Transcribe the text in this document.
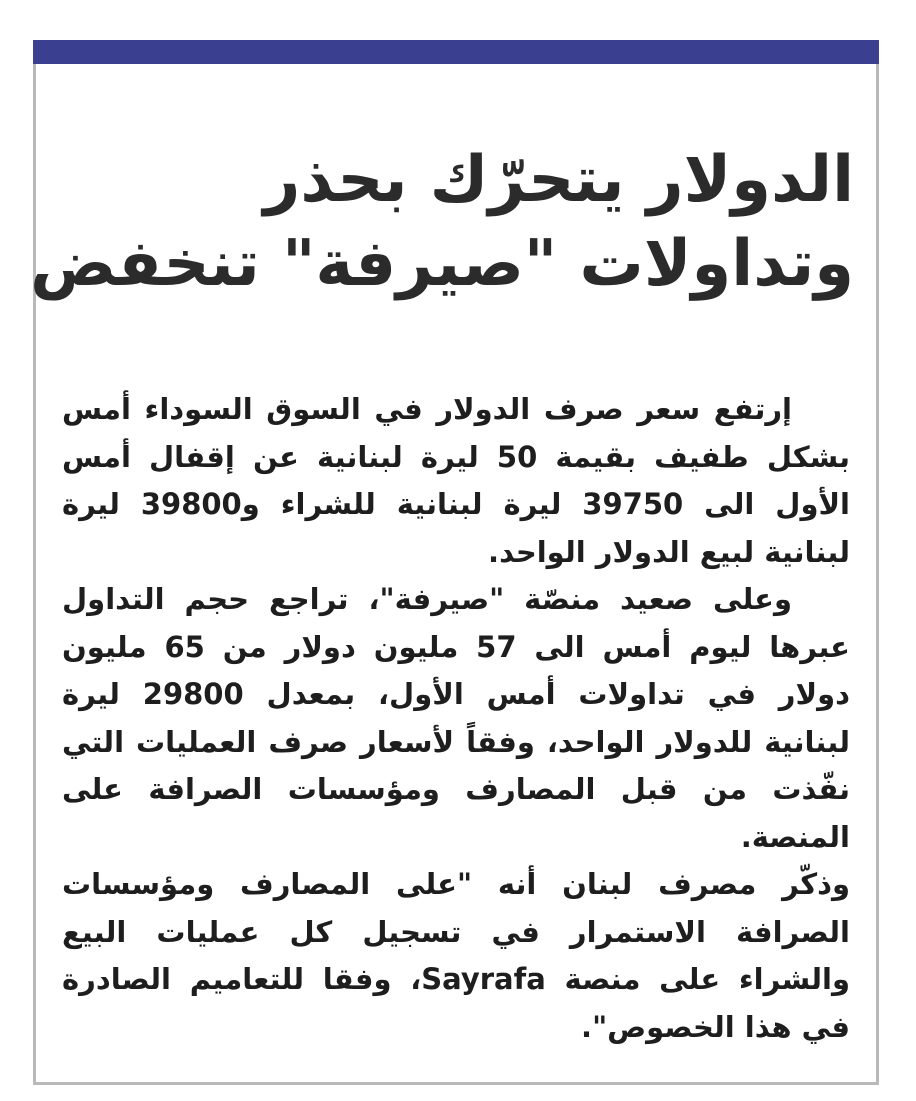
الدولار يتحرّك بحذر
وتداولات "صيرفة" تنخفض

إرتفع سعر صرف الدولار في السوق السوداء أمس بشكل طفيف بقيمة 50 ليرة لبنانية عن إقفال أمس الأول الى 39750 ليرة لبنانية للشراء و39800 ليرة لبنانية لبيع الدولار الواحد.

وعلى صعيد منصّة "صيرفة"، تراجع حجم التداول عبرها ليوم أمس الى 57 مليون دولار من 65 مليون دولار في تداولات أمس الأول، بمعدل 29800 ليرة لبنانية للدولار الواحد، وفقاً لأسعار صرف العمليات التي نفّذت من قبل المصارف ومؤسسات الصرافة على المنصة.

وذكّر مصرف لبنان أنه "على المصارف ومؤسسات الصرافة الاستمرار في تسجيل كل عمليات البيع والشراء على منصة Sayrafa، وفقا للتعاميم الصادرة في هذا الخصوص".
